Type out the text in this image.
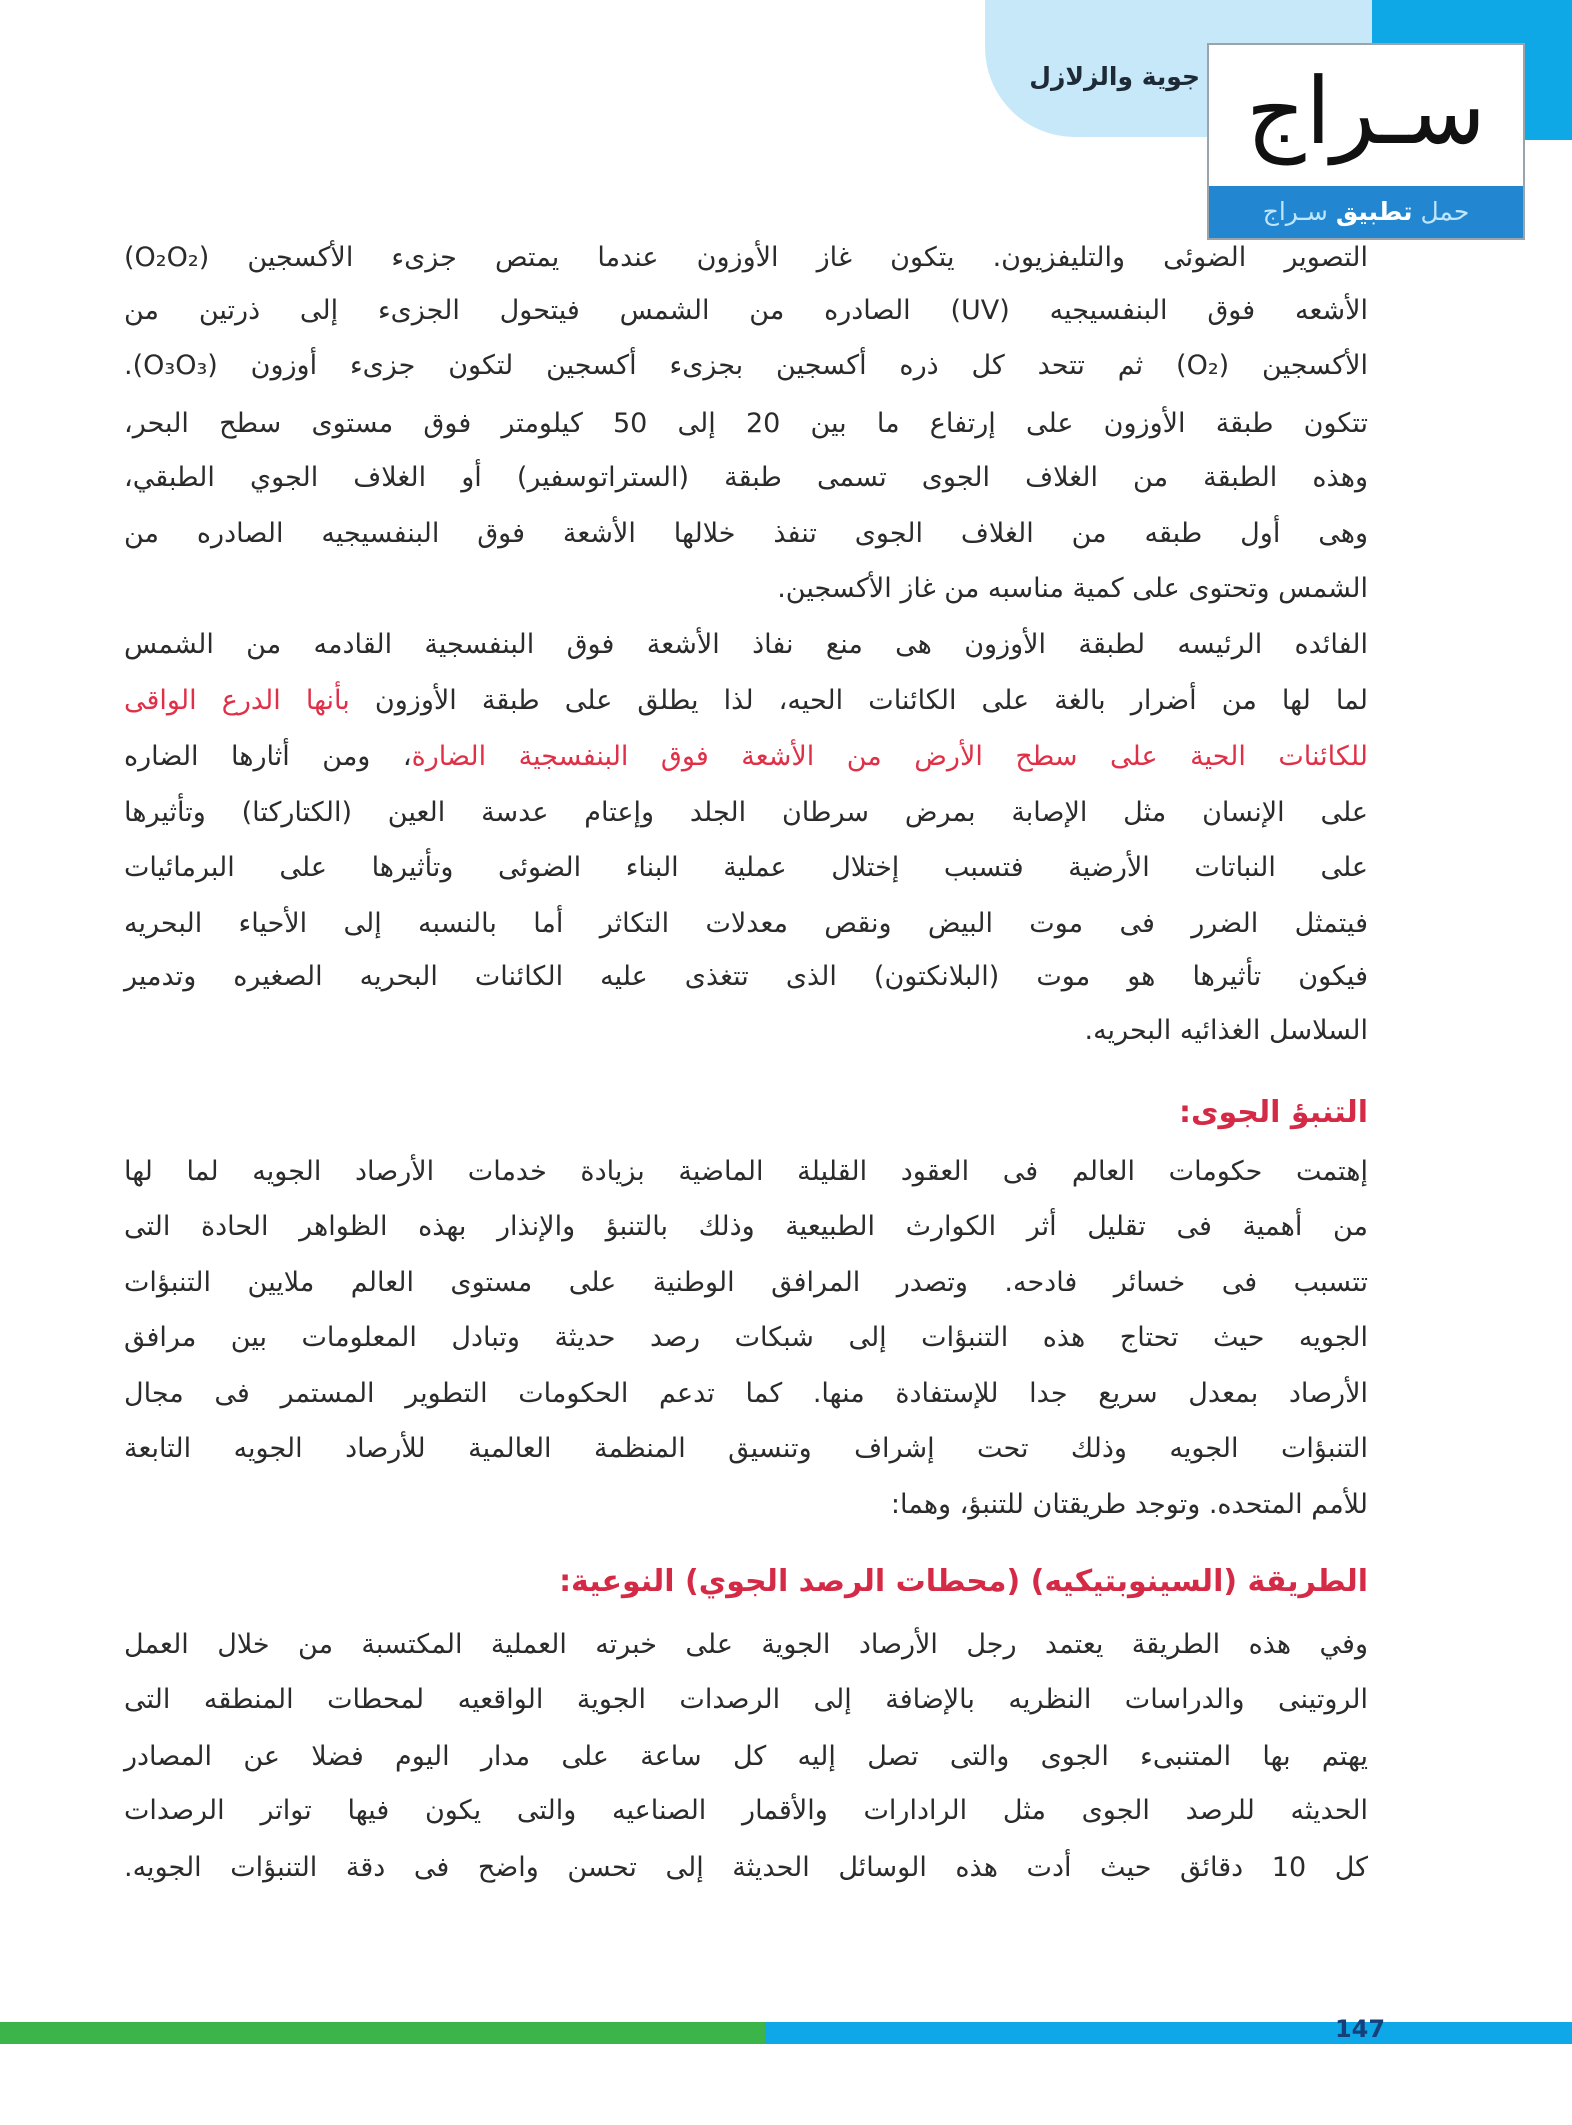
جوية والزلازل سـراج
حمل تطبيق سـراج
التصوير الضوئى والتليفزيون. يتكون غاز الأوزون عندما يمتص جزىء الأكسجين (O₂O₂)
الأشعه فوق البنفسيجيه (UV) الصادره من الشمس فيتحول الجزىء إلى ذرتين من
الأكسجين (O₂) ثم تتحد كل ذره أكسجين بجزىء أكسجين لتكون جزىء أوزون (O₃O₃).
تتكون طبقة الأوزون على إرتفاع ما بين 20 إلى 50 كيلومتر فوق مستوى سطح البحر،
وهذه الطبقة من الغلاف الجوى تسمى طبقة (الستراتوسفير) أو الغلاف الجوي الطبقي،
وهى أول طبقه من الغلاف الجوى تنفذ خلالها الأشعة فوق البنفسيجيه الصادره من
الشمس وتحتوى على كمية مناسبه من غاز الأكسجين.
الفائده الرئيسه لطبقة الأوزون هى منع نفاذ الأشعة فوق البنفسجية القادمه من الشمس
لما لها من أضرار بالغة على الكائنات الحيه، لذا يطلق على طبقة الأوزون بأنها الدرع الواقى
للكائنات الحية على سطح الأرض من الأشعة فوق البنفسجية الضارة، ومن أثارها الضاره
على الإنسان مثل الإصابة بمرض سرطان الجلد وإعتام عدسة العين (الكتاركتا) وتأثيرها
على النباتات الأرضية فتسبب إختلال عملية البناء الضوئى وتأثيرها على البرمائيات
فيتمثل الضرر فى موت البيض ونقص معدلات التكاثر أما بالنسبه إلى الأحياء البحريه
فيكون تأثيرها هو موت (البلانكتون) الذى تتغذى عليه الكائنات البحريه الصغيره وتدمير
السلاسل الغذائيه البحريه.
التنبؤ الجوى:
إهتمت حكومات العالم فى العقود القليلة الماضية بزيادة خدمات الأرصاد الجويه لما لها
من أهمية فى تقليل أثر الكوارث الطبيعية وذلك بالتنبؤ والإنذار بهذه الظواهر الحادة التى
تتسبب فى خسائر فادحه. وتصدر المرافق الوطنية على مستوى العالم ملايين التنبؤات
الجويه حيث تحتاج هذه التنبؤات إلى شبكات رصد حديثة وتبادل المعلومات بين مرافق
الأرصاد بمعدل سريع جدا للإستفادة منها. كما تدعم الحكومات التطوير المستمر فى مجال
التنبؤات الجويه وذلك تحت إشراف وتنسيق المنظمة العالمية للأرصاد الجويه التابعة
للأمم المتحده. وتوجد طريقتان للتنبؤ، وهما:
الطريقة (السينوبتيكيه) (محطات الرصد الجوي) النوعية:
وفي هذه الطريقة يعتمد رجل الأرصاد الجوية على خبرته العملية المكتسبة من خلال العمل
الروتينى والدراسات النظريه بالإضافة إلى الرصدات الجوية الواقعيه لمحطات المنطقه التى
يهتم بها المتنبىء الجوى والتى تصل إليه كل ساعة على مدار اليوم فضلا عن المصادر
الحديثه للرصد الجوى مثل الرادارات والأقمار الصناعيه والتى يكون فيها تواتر الرصدات
كل 10 دقائق حيث أدت هذه الوسائل الحديثة إلى تحسن واضح فى دقة التنبؤات الجويه.
147
